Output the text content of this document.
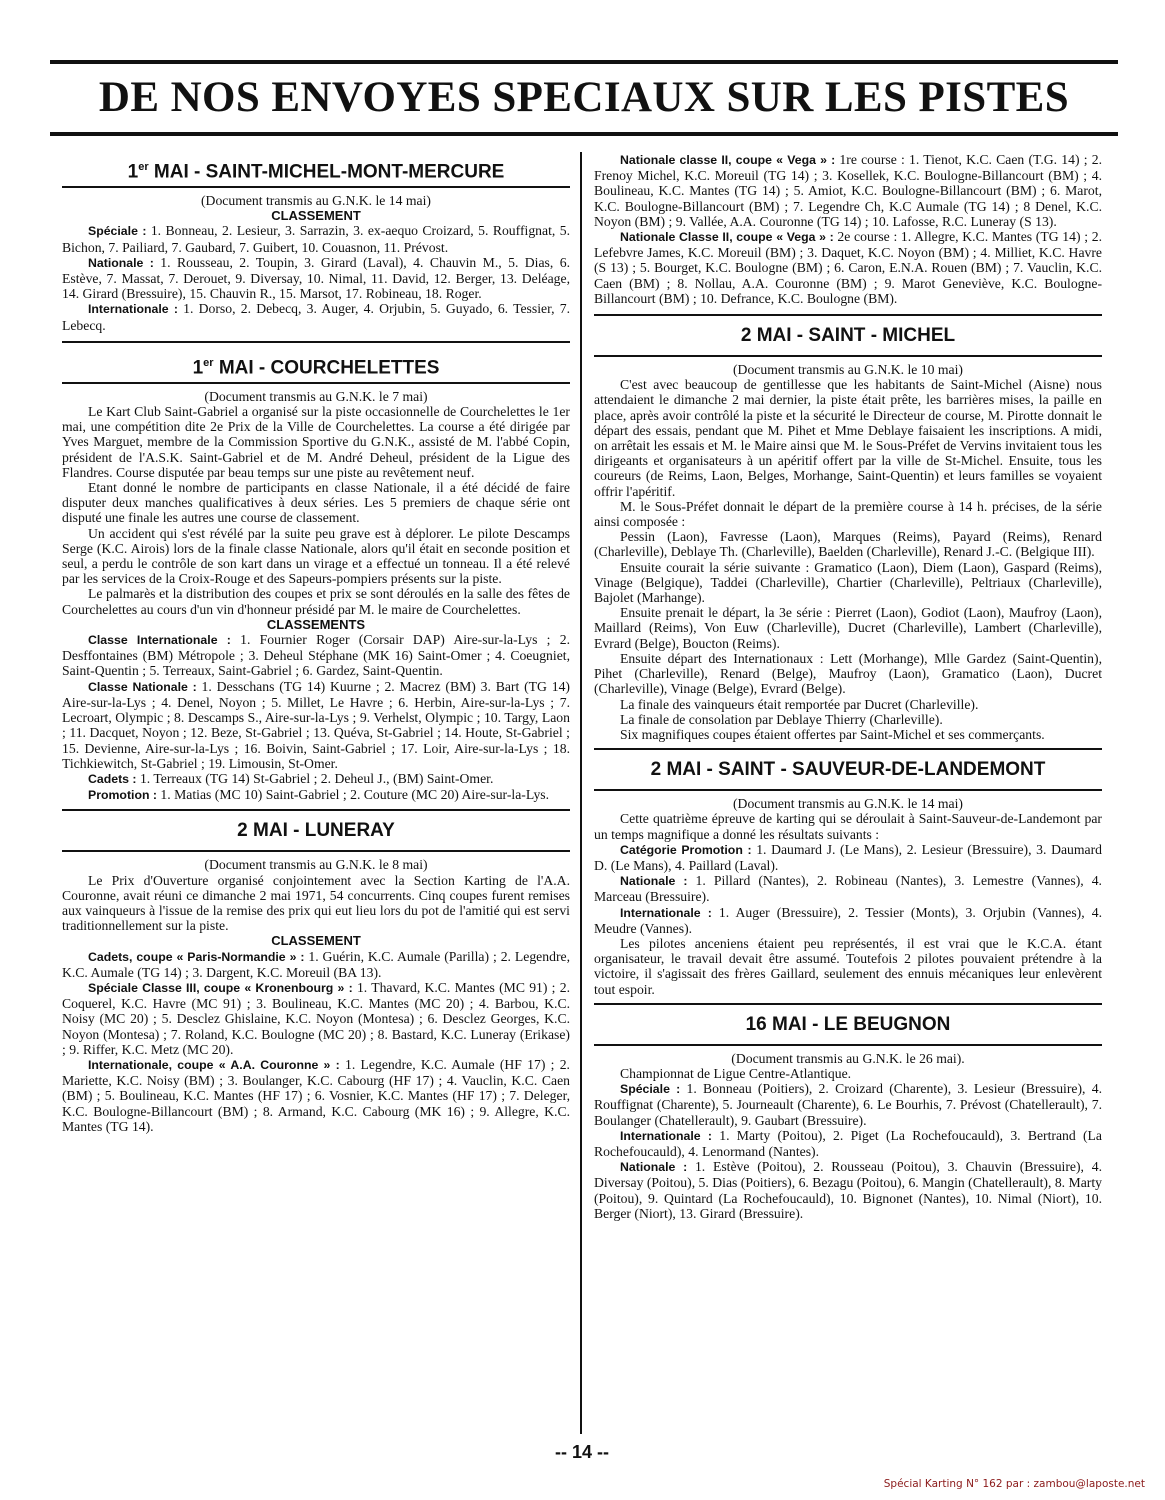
DE NOS ENVOYES SPECIAUX SUR LES PISTES
1er MAI - SAINT-MICHEL-MONT-MERCURE

(Document transmis au G.N.K. le 14 mai)

CLASSEMENT

Spéciale : 1. Bonneau, 2. Lesieur, 3. Sarrazin, 3. ex-aequo Croizard, 5. Rouffignat, 5. Bichon, 7. Pailiard, 7. Gaubard, 7. Guibert, 10. Couasnon, 11. Prévost.

Nationale : 1. Rousseau, 2. Toupin, 3. Girard (Laval), 4. Chauvin M., 5. Dias, 6. Estève, 7. Massat, 7. Derouet, 9. Diversay, 10. Nimal, 11. David, 12. Berger, 13. Deléage, 14. Girard (Bressuire), 15. Chauvin R., 15. Marsot, 17. Robineau, 18. Roger.

Internationale : 1. Dorso, 2. Debecq, 3. Auger, 4. Orjubin, 5. Guyado, 6. Tessier, 7. Lebecq.

1er MAI - COURCHELETTES

(Document transmis au G.N.K. le 7 mai)

Le Kart Club Saint-Gabriel a organisé sur la piste occasionnelle de Courchelettes le 1er mai, une compétition dite 2e Prix de la Ville de Courchelettes. La course a été dirigée par Yves Marguet, membre de la Commission Sportive du G.N.K., assisté de M. l'abbé Copin, président de l'A.S.K. Saint-Gabriel et de M. André Deheul, président de la Ligue des Flandres. Course disputée par beau temps sur une piste au revêtement neuf.

Etant donné le nombre de participants en classe Nationale, il a été décidé de faire disputer deux manches qualificatives à deux séries. Les 5 premiers de chaque série ont disputé une finale les autres une course de classement.

Un accident qui s'est révélé par la suite peu grave est à déplorer. Le pilote Descamps Serge (K.C. Airois) lors de la finale classe Nationale, alors qu'il était en seconde position et seul, a perdu le contrôle de son kart dans un virage et a effectué un tonneau. Il a été relevé par les services de la Croix-Rouge et des Sapeurs-pompiers présents sur la piste.

Le palmarès et la distribution des coupes et prix se sont déroulés en la salle des fêtes de Courchelettes au cours d'un vin d'honneur présidé par M. le maire de Courchelettes.

CLASSEMENTS

Classe Internationale : 1. Fournier Roger (Corsair DAP) Aire-sur-la-Lys ; 2. Desffontaines (BM) Métropole ; 3. Deheul Stéphane (MK 16) Saint-Omer ; 4. Coeugniet, Saint-Quentin ; 5. Terreaux, Saint-Gabriel ; 6. Gardez, Saint-Quentin.

Classe Nationale : 1. Desschans (TG 14) Kuurne ; 2. Macrez (BM) 3. Bart (TG 14) Aire-sur-la-Lys ; 4. Denel, Noyon ; 5. Millet, Le Havre ; 6. Herbin, Aire-sur-la-Lys ; 7. Lecroart, Olympic ; 8. Descamps S., Aire-sur-la-Lys ; 9. Verhelst, Olympic ; 10. Targy, Laon ; 11. Dacquet, Noyon ; 12. Beze, St-Gabriel ; 13. Quéva, St-Gabriel ; 14. Houte, St-Gabriel ; 15. Devienne, Aire-sur-la-Lys ; 16. Boivin, Saint-Gabriel ; 17. Loir, Aire-sur-la-Lys ; 18. Tichkiewitch, St-Gabriel ; 19. Limousin, St-Omer.

Cadets : 1. Terreaux (TG 14) St-Gabriel ; 2. Deheul J., (BM) Saint-Omer.

Promotion : 1. Matias (MC 10) Saint-Gabriel ; 2. Couture (MC 20) Aire-sur-la-Lys.

2 MAI - LUNERAY

(Document transmis au G.N.K. le 8 mai)

Le Prix d'Ouverture organisé conjointement avec la Section Karting de l'A.A. Couronne, avait réuni ce dimanche 2 mai 1971, 54 concurrents. Cinq coupes furent remises aux vainqueurs à l'issue de la remise des prix qui eut lieu lors du pot de l'amitié qui est servi traditionnellement sur la piste.

CLASSEMENT

Cadets, coupe « Paris-Normandie » : 1. Guérin, K.C. Aumale (Parilla) ; 2. Legendre, K.C. Aumale (TG 14) ; 3. Dargent, K.C. Moreuil (BA 13).

Spéciale Classe III, coupe « Kronenbourg » : 1. Thavard, K.C. Mantes (MC 91) ; 2. Coquerel, K.C. Havre (MC 91) ; 3. Boulineau, K.C. Mantes (MC 20) ; 4. Barbou, K.C. Noisy (MC 20) ; 5. Desclez Ghislaine, K.C. Noyon (Montesa) ; 6. Desclez Georges, K.C. Noyon (Montesa) ; 7. Roland, K.C. Boulogne (MC 20) ; 8. Bastard, K.C. Luneray (Erikase) ; 9. Riffer, K.C. Metz (MC 20).

Internationale, coupe « A.A. Couronne » : 1. Legendre, K.C. Aumale (HF 17) ; 2. Mariette, K.C. Noisy (BM) ; 3. Boulanger, K.C. Cabourg (HF 17) ; 4. Vauclin, K.C. Caen (BM) ; 5. Boulineau, K.C. Mantes (HF 17) ; 6. Vosnier, K.C. Mantes (HF 17) ; 7. Deleger, K.C. Boulogne-Billancourt (BM) ; 8. Armand, K.C. Cabourg (MK 16) ; 9. Allegre, K.C. Mantes (TG 14).

Nationale classe II, coupe « Vega » : 1re course : 1. Tienot, K.C. Caen (T.G. 14) ; 2. Frenoy Michel, K.C. Moreuil (TG 14) ; 3. Kosellek, K.C. Boulogne-Billancourt (BM) ; 4. Boulineau, K.C. Mantes (TG 14) ; 5. Amiot, K.C. Boulogne-Billancourt (BM) ; 6. Marot, K.C. Boulogne-Billancourt (BM) ; 7. Legendre Ch, K.C Aumale (TG 14) ; 8 Denel, K.C. Noyon (BM) ; 9. Vallée, A.A. Couronne (TG 14) ; 10. Lafosse, R.C. Luneray (S 13).

Nationale Classe II, coupe « Vega » : 2e course : 1. Allegre, K.C. Mantes (TG 14) ; 2. Lefebvre James, K.C. Moreuil (BM) ; 3. Daquet, K.C. Noyon (BM) ; 4. Milliet, K.C. Havre (S 13) ; 5. Bourget, K.C. Boulogne (BM) ; 6. Caron, E.N.A. Rouen (BM) ; 7. Vauclin, K.C. Caen (BM) ; 8. Nollau, A.A. Couronne (BM) ; 9. Marot Geneviève, K.C. Boulogne-Billancourt (BM) ; 10. Defrance, K.C. Boulogne (BM).

2 MAI - SAINT - MICHEL

(Document transmis au G.N.K. le 10 mai)

C'est avec beaucoup de gentillesse que les habitants de Saint-Michel (Aisne) nous attendaient le dimanche 2 mai dernier, la piste était prête, les barrières mises, la paille en place, après avoir contrôlé la piste et la sécurité le Directeur de course, M. Pirotte donnait le départ des essais, pendant que M. Pihet et Mme Deblaye faisaient les inscriptions. A midi, on arrêtait les essais et M. le Maire ainsi que M. le Sous-Préfet de Vervins invitaient tous les dirigeants et organisateurs à un apéritif offert par la ville de St-Michel. Ensuite, tous les coureurs (de Reims, Laon, Belges, Morhange, Saint-Quentin) et leurs familles se voyaient offrir l'apéritif.

M. le Sous-Préfet donnait le départ de la première course à 14 h. précises, de la série ainsi composée :

Pessin (Laon), Favresse (Laon), Marques (Reims), Payard (Reims), Renard (Charleville), Deblaye Th. (Charleville), Baelden (Charleville), Renard J.-C. (Belgique III).

Ensuite courait la série suivante : Gramatico (Laon), Diem (Laon), Gaspard (Reims), Vinage (Belgique), Taddei (Charleville), Chartier (Charleville), Peltriaux (Charleville), Bajolet (Marhange).

Ensuite prenait le départ, la 3e série : Pierret (Laon), Godiot (Laon), Maufroy (Laon), Maillard (Reims), Von Euw (Charleville), Ducret (Charleville), Lambert (Charleville), Evrard (Belge), Boucton (Reims).

Ensuite départ des Internationaux : Lett (Morhange), Mlle Gardez (Saint-Quentin), Pihet (Charleville), Renard (Belge), Maufroy (Laon), Gramatico (Laon), Ducret (Charleville), Vinage (Belge), Evrard (Belge).

La finale des vainqueurs était remportée par Ducret (Charleville).

La finale de consolation par Deblaye Thierry (Charleville).

Six magnifiques coupes étaient offertes par Saint-Michel et ses commerçants.

2 MAI - SAINT - SAUVEUR-DE-LANDEMONT

(Document transmis au G.N.K. le 14 mai)

Cette quatrième épreuve de karting qui se déroulait à Saint-Sauveur-de-Landemont par un temps magnifique a donné les résultats suivants :

Catégorie Promotion : 1. Daumard J. (Le Mans), 2. Lesieur (Bressuire), 3. Daumard D. (Le Mans), 4. Paillard (Laval).

Nationale : 1. Pillard (Nantes), 2. Robineau (Nantes), 3. Lemestre (Vannes), 4. Marceau (Bressuire).

Internationale : 1. Auger (Bressuire), 2. Tessier (Monts), 3. Orjubin (Vannes), 4. Meudre (Vannes).

Les pilotes anceniens étaient peu représentés, il est vrai que le K.C.A. étant organisateur, le travail devait être assumé. Toutefois 2 pilotes pouvaient prétendre à la victoire, il s'agissait des frères Gaillard, seulement des ennuis mécaniques leur enlevèrent tout espoir.

16 MAI - LE BEUGNON

(Document transmis au G.N.K. le 26 mai).

Championnat de Ligue Centre-Atlantique.

Spéciale : 1. Bonneau (Poitiers), 2. Croizard (Charente), 3. Lesieur (Bressuire), 4. Rouffignat (Charente), 5. Journeault (Charente), 6. Le Bourhis, 7. Prévost (Chatellerault), 7. Boulanger (Chatellerault), 9. Gaubart (Bressuire).

Internationale : 1. Marty (Poitou), 2. Piget (La Rochefoucauld), 3. Bertrand (La Rochefoucauld), 4. Lenormand (Nantes).

Nationale : 1. Estève (Poitou), 2. Rousseau (Poitou), 3. Chauvin (Bressuire), 4. Diversay (Poitou), 5. Dias (Poitiers), 6. Bezagu (Poitou), 6. Mangin (Chatellerault), 8. Marty (Poitou), 9. Quintard (La Rochefoucauld), 10. Bignonet (Nantes), 10. Nimal (Niort), 10. Berger (Niort), 13. Girard (Bressuire).

-- 14 --
Spécial Karting N° 162 par : zambou@laposte.net
